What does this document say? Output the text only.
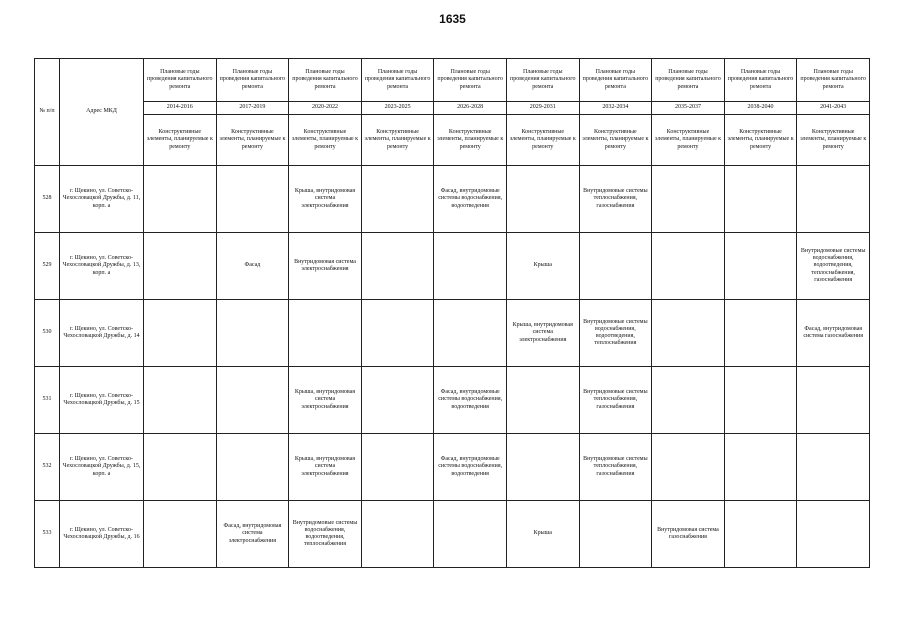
1635
№ п/п	Адрес МКД	Плановые годы проведения капитального ремонта	Плановые годы проведения капитального ремонта	Плановые годы проведения капитального ремонта	Плановые годы проведения капитального ремонта	Плановые годы проведения капитального ремонта	Плановые годы проведения капитального ремонта	Плановые годы проведения капитального ремонта	Плановые годы проведения капитального ремонта	Плановые годы проведения капитального ремонта	Плановые годы проведения капитального ремонта
		2014-2016	2017-2019	2020-2022	2023-2025	2026-2028	2029-2031	2032-2034	2035-2037	2038-2040	2041-2043
		Конструктивные элементы, планируемые к ремонту	Конструктивные элементы, планируемые к ремонту	Конструктивные элементы, планируемые к ремонту	Конструктивные элементы, планируемые к ремонту	Конструктивные элементы, планируемые к ремонту	Конструктивные элементы, планируемые к ремонту	Конструктивные элементы, планируемые к ремонту	Конструктивные элементы, планируемые к ремонту	Конструктивные элементы, планируемые к ремонту	Конструктивные элементы, планируемые к ремонту
528	г. Щекино, ул. Советско-Чехословацкой Дружбы, д. 11, корп. а			Крыша, внутридомовая система электроснабжения		Фасад, внутридомовые системы водоснабжения, водоотведения		Внутридомовые системы теплоснабжения, газоснабжения			
529	г. Щекино, ул. Советско-Чехословацкой Дружбы, д. 13, корп. а		Фасад	Внутридомовая система электроснабжения			Крыша				Внутридомовые системы водоснабжения, водоотведения, теплоснабжения, газоснабжения
530	г. Щекино, ул. Советско-Чехословацкой Дружбы, д. 14						Крыша, внутридомовая система электроснабжения	Внутридомовые системы водоснабжения, водоотведения, теплоснабжения			Фасад, внутридомовая система газоснабжения
531	г. Щекино, ул. Советско-Чехословацкой Дружбы, д. 15			Крыша, внутридомовая система электроснабжения		Фасад, внутридомовые системы водоснабжения, водоотведения		Внутридомовые системы теплоснабжения, газоснабжения			
532	г. Щекино, ул. Советско-Чехословацкой Дружбы, д. 15, корп. а			Крыша, внутридомовая система электроснабжения		Фасад, внутридомовые системы водоснабжения, водоотведения		Внутридомовые системы теплоснабжения, газоснабжения			
533	г. Щекино, ул. Советско-Чехословацкой Дружбы, д. 16		Фасад, внутридомовая система электроснабжения	Внутридомовые системы водоснабжения, водоотведения, теплоснабжения			Крыша		Внутридомовая система газоснабжения		
